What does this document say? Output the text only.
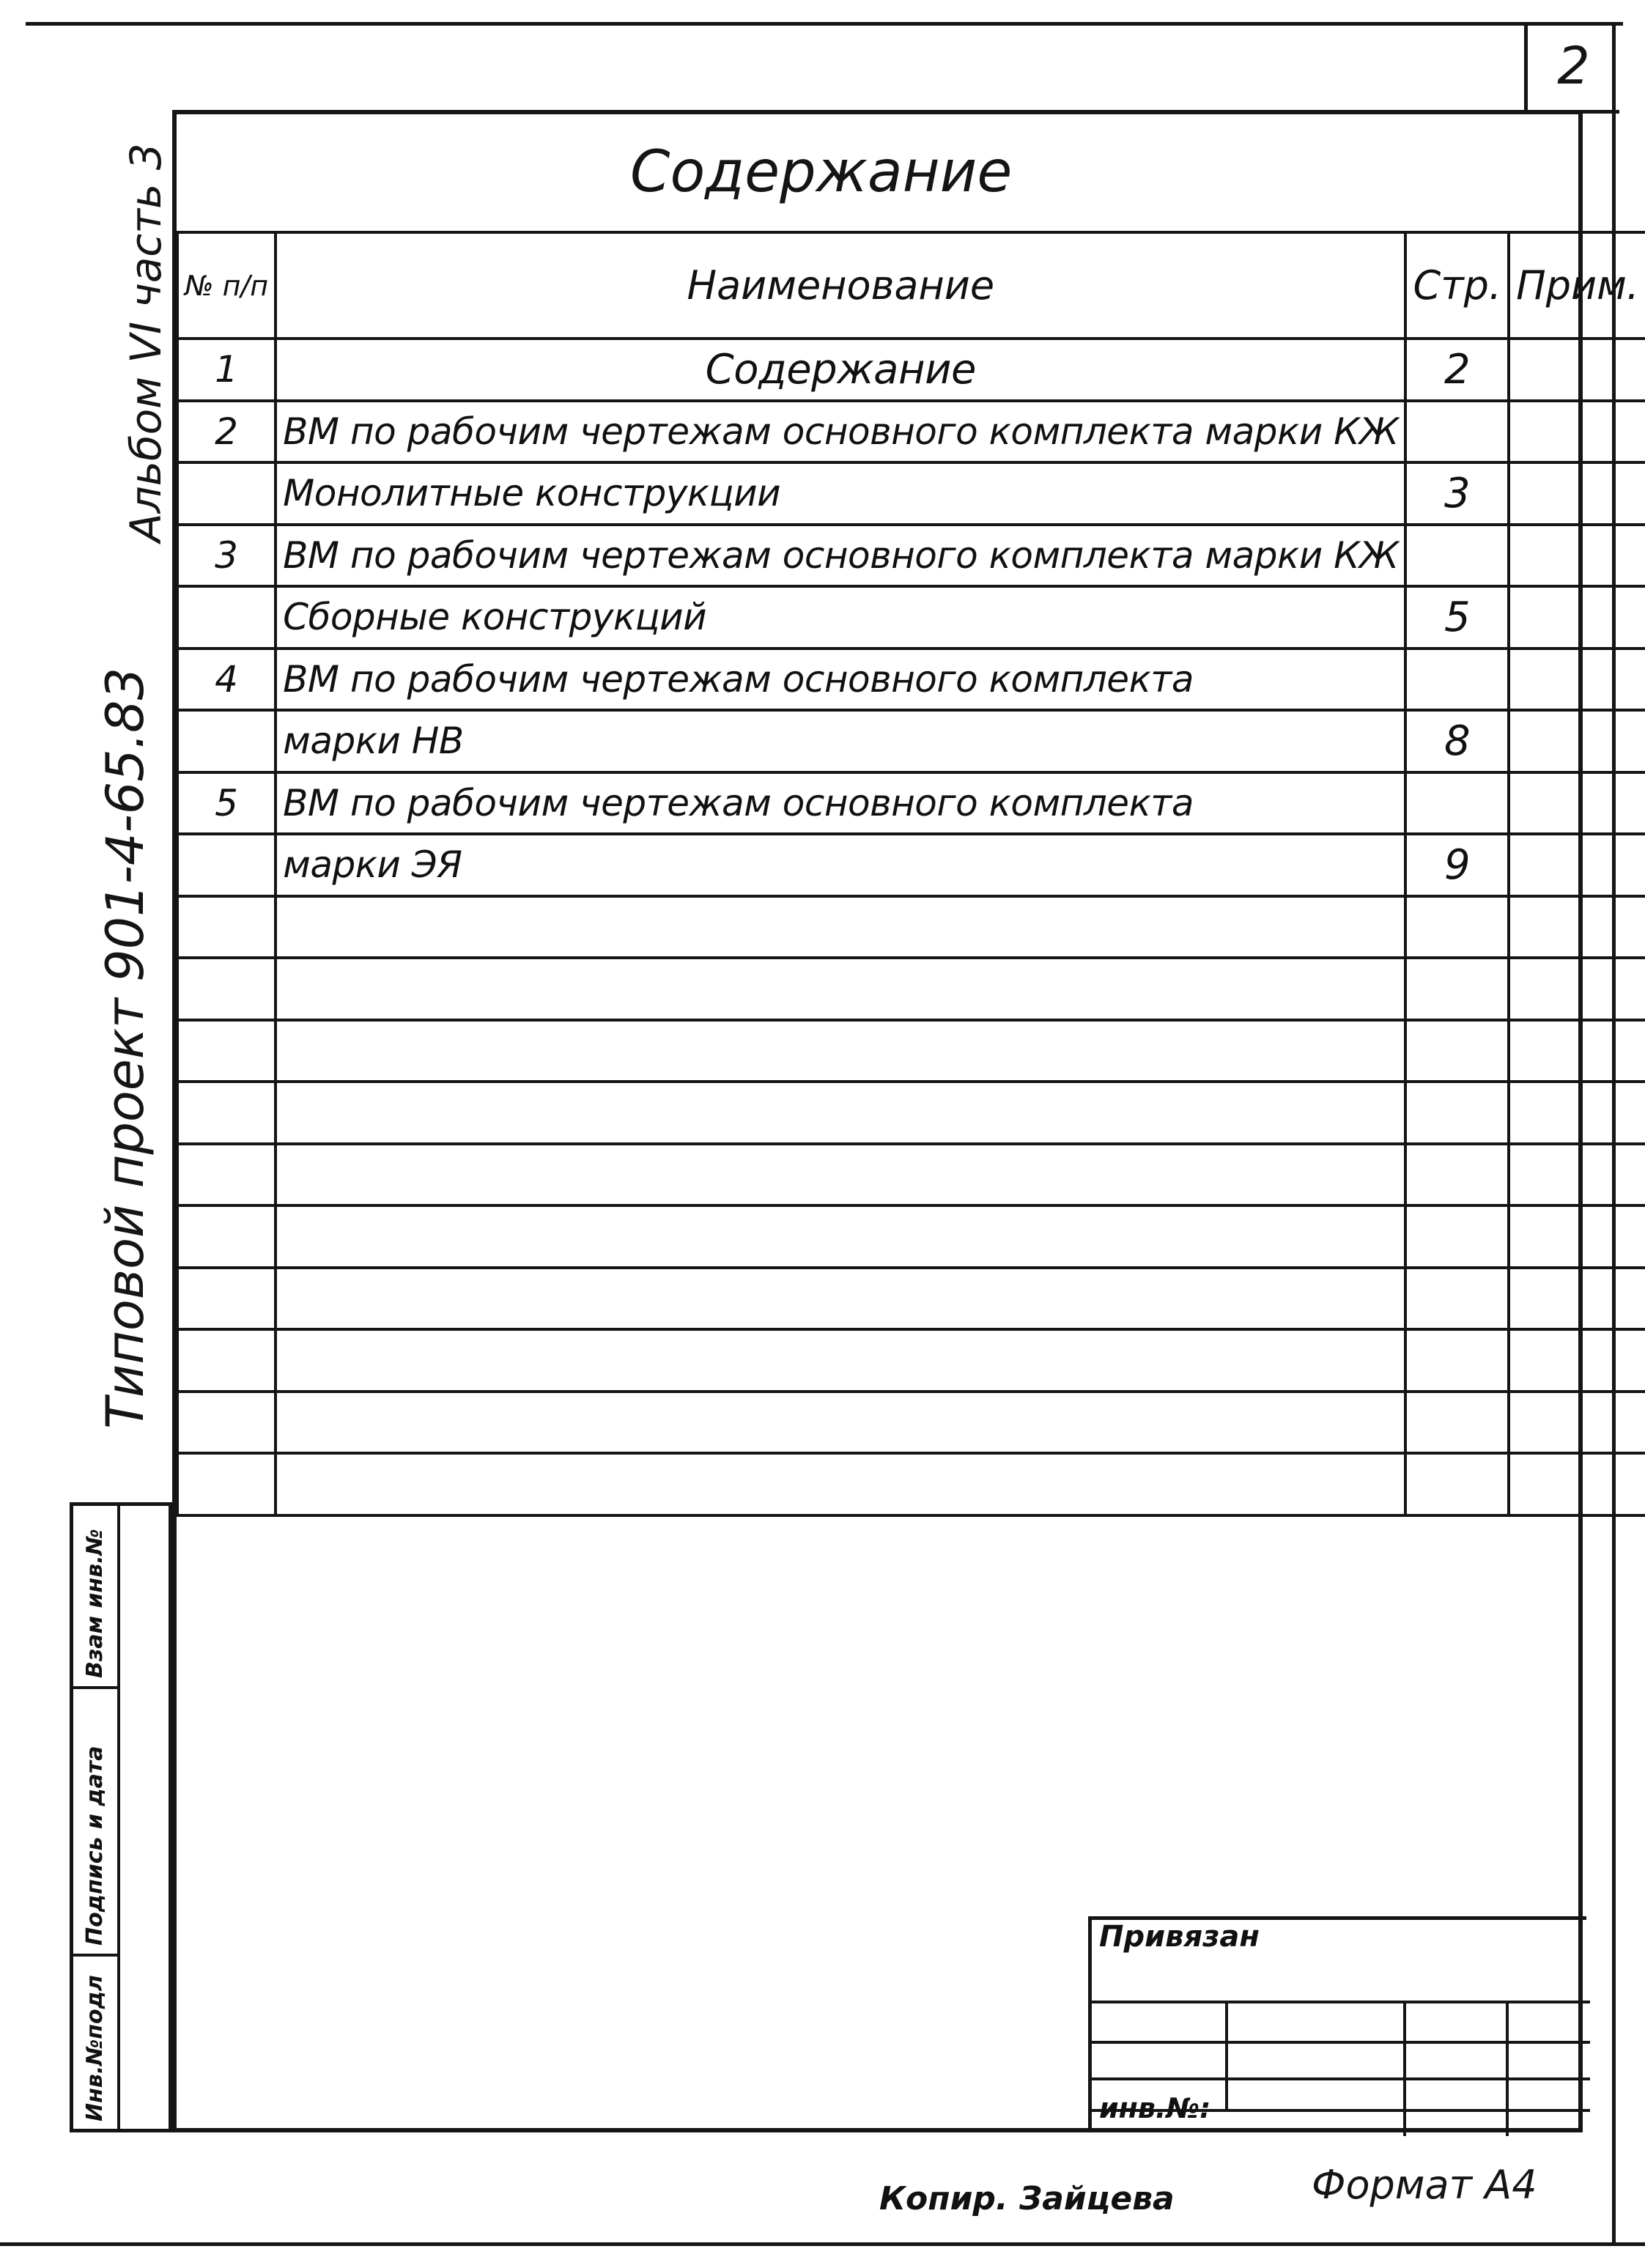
2
Содержание
№ п/п	Наименование	Стр.	Прим.
1	Содержание	2	
2	ВМ по рабочим чертежам основного комплекта марки КЖ		
	Монолитные конструкции	3	
3	ВМ по рабочим чертежам основного комплекта марки КЖ		
	Сборные конструкций	5	
4	ВМ по рабочим чертежам основного комплекта		
	марки НВ	8	
5	ВМ по рабочим чертежам основного комплекта		
	марки ЭЯ	9	

Типовой проект 901-4-65.83
Альбом VI часть 3
Взам инв.№
Подпись и дата
Инв.№подл
Привязан
инв.№:
Копир. Зайцева	Формат А4
